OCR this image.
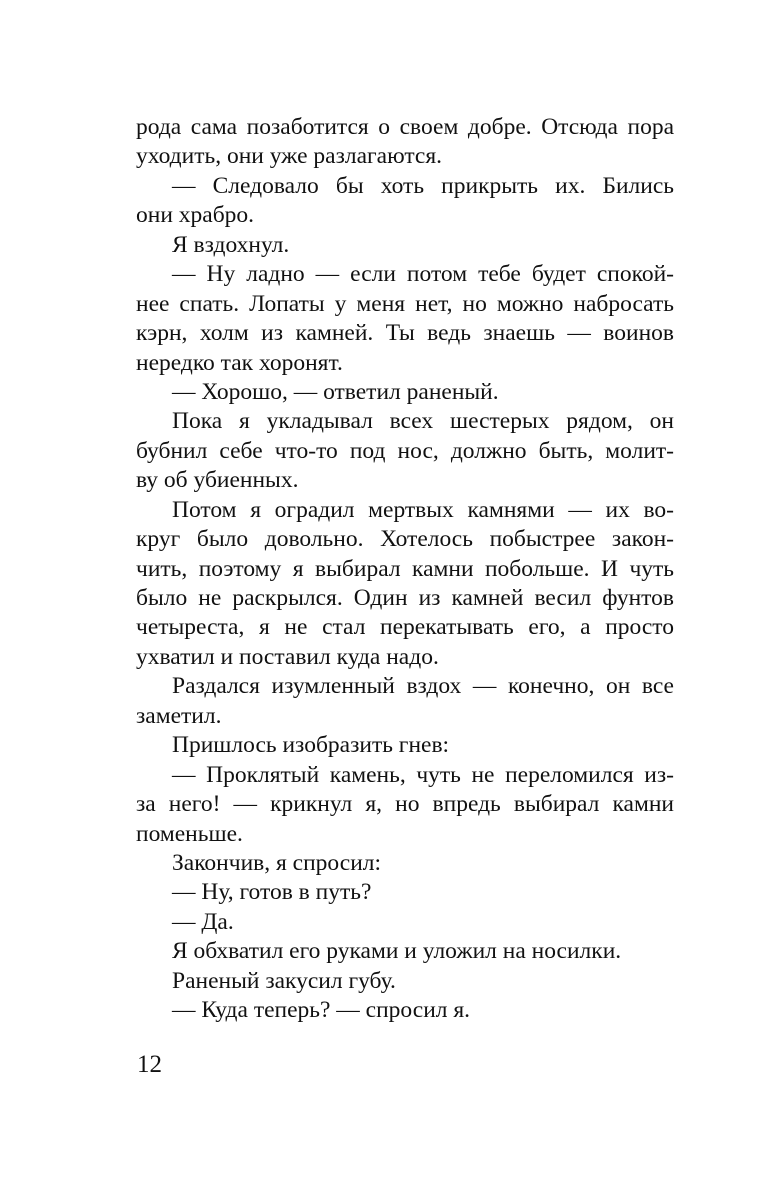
рода сама позаботится о своем добре. Отсюда пора
уходить, они уже разлагаются.
— Следовало бы хоть прикрыть их. Бились
они храбро.
Я вздохнул.
— Ну ладно — если потом тебе будет спокой-
нее спать. Лопаты у меня нет, но можно набросать
кэрн, холм из камней. Ты ведь знаешь — воинов
нередко так хоронят.
— Хорошо, — ответил раненый.
Пока я укладывал всех шестерых рядом, он
бубнил себе что-то под нос, должно быть, молит-
ву об убиенных.
Потом я оградил мертвых камнями — их во-
круг было довольно. Хотелось побыстрее закон-
чить, поэтому я выбирал камни побольше. И чуть
было не раскрылся. Один из камней весил фунтов
четыреста, я не стал перекатывать его, а просто
ухватил и поставил куда надо.
Раздался изумленный вздох — конечно, он все
заметил.
Пришлось изобразить гнев:
— Проклятый камень, чуть не переломился из-
за него! — крикнул я, но впредь выбирал камни
поменьше.
Закончив, я спросил:
— Ну, готов в путь?
— Да.
Я обхватил его руками и уложил на носилки.
Раненый закусил губу.
— Куда теперь? — спросил я.
12
